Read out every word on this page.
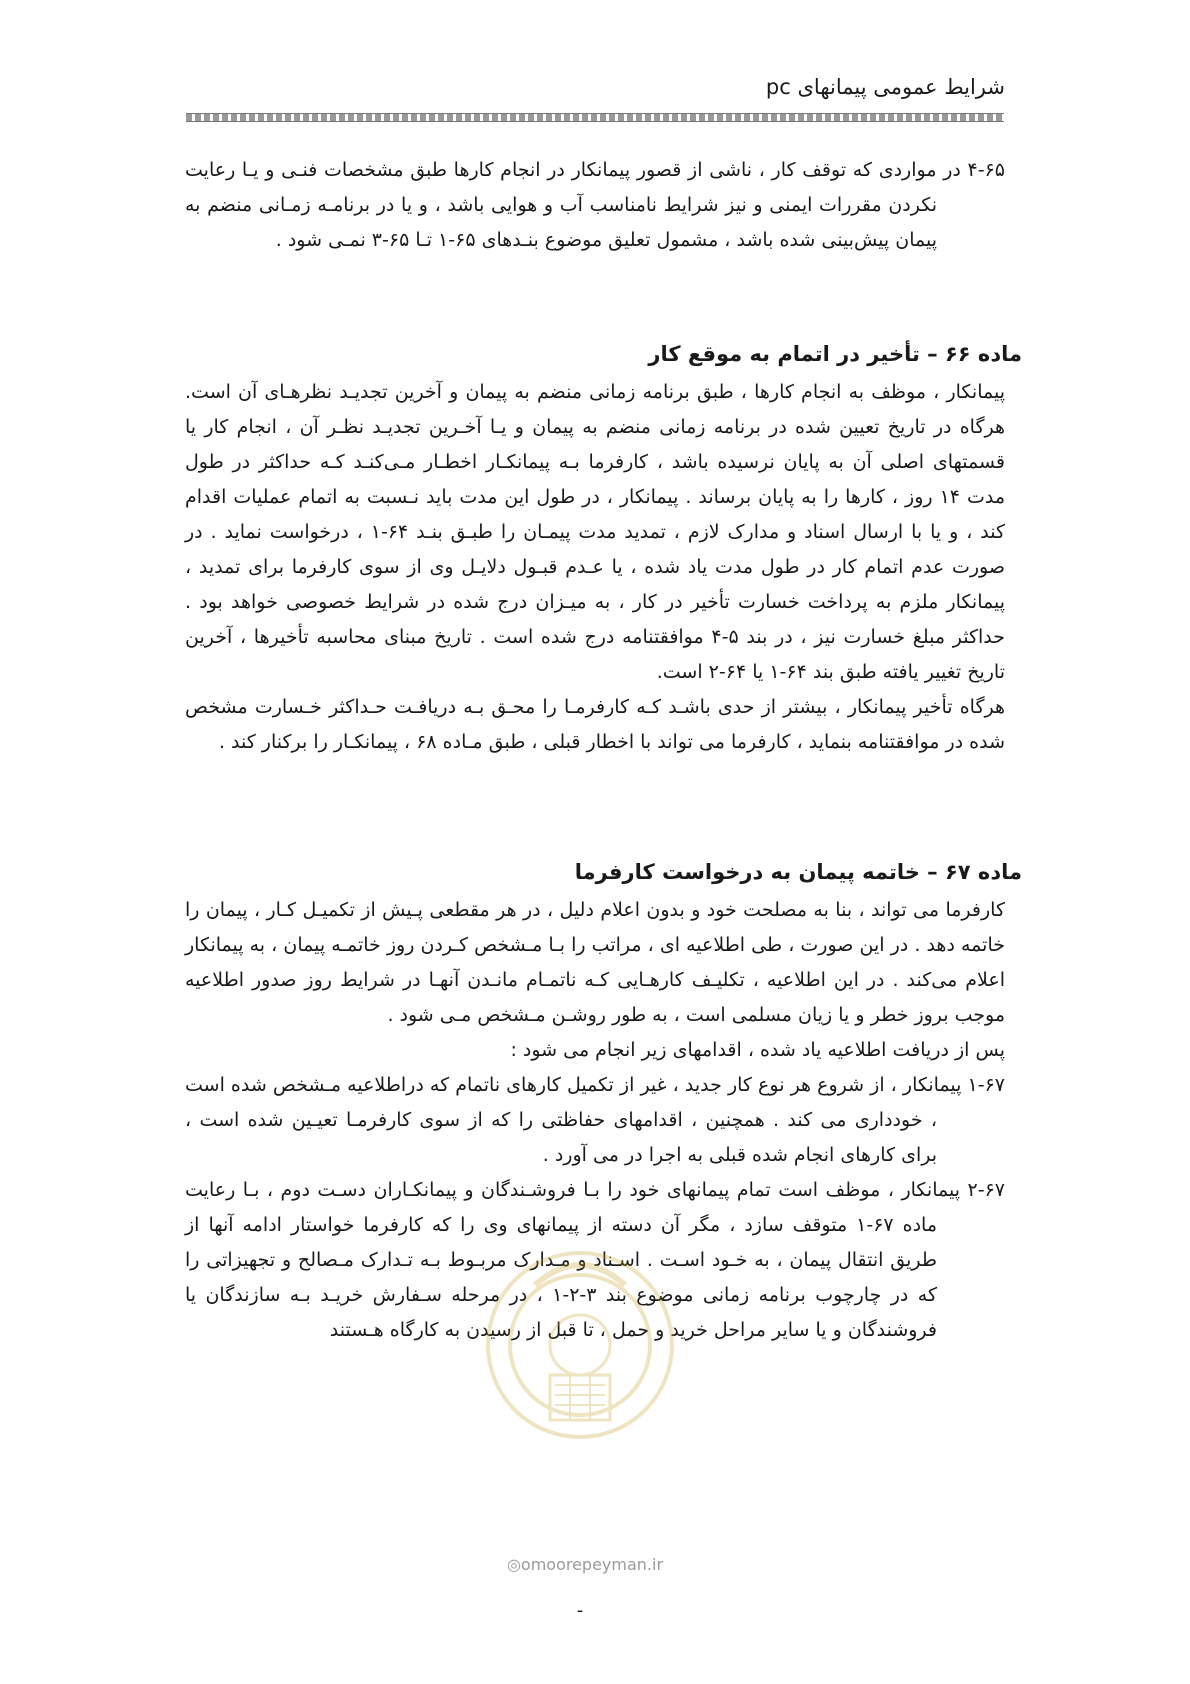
شرایط عمومی پیمانهای pc

۴-۶۵ در مواردی که توقف کار ، ناشی از قصور پیمانکار در انجام کارها طبق مشخصات فنـی و یـا رعایت نکردن مقررات ایمنی و نیز شرایط نامناسب آب و هوایی باشد ، و یا در برنامـه زمـانی منضم به پیمان پیش‌بینی شده باشد ، مشمول تعلیق موضوع بنـدهای ۶۵-۱ تـا ۶۵-۳ نمـی شود .

ماده ۶۶ – تأخیر در اتمام به موقع کار

پیمانکار ، موظف به انجام کارها ، طبق برنامه زمانی منضم به پیمان و آخرین تجدیـد نظرهـای آن است. هرگاه در تاریخ تعیین شده در برنامه زمانی منضم به پیمان و یـا آخـرین تجدیـد نظـر آن ، انجام کار یا قسمتهای اصلی آن به پایان نرسیده باشد ، کارفرما بـه پیمانکـار اخطـار مـی‌کنـد کـه حداکثر در طول مدت ۱۴ روز ، کارها را به پایان برساند . پیمانکار ، در طول این مدت باید نـسبت به اتمام عملیات اقدام کند ، و یا با ارسال اسناد و مدارک لازم ، تمدید مدت پیمـان را طبـق بنـد ۶۴-۱ ، درخواست نماید . در صورت عدم اتمام کار در طول مدت یاد شده ، یا عـدم قبـول دلایـل وی از سوی کارفرما برای تمدید ، پیمانکار ملزم به پرداخت خسارت تأخیر در کار ، به میـزان درج شده در شرایط خصوصی خواهد بود . حداکثر مبلغ خسارت نیز ، در بند ۵-۴ موافقتنامه درج شده است . تاریخ مبنای محاسبه تأخیرها ، آخرین تاریخ تغییر یافته طبق بند ۶۴-۱ یا ۶۴-۲ است.

هرگاه تأخیر پیمانکار ، بیشتر از حدی باشـد کـه کارفرمـا را محـق بـه دریافـت حـداکثر خـسارت مشخص شده در موافقتنامه بنماید ، کارفرما می تواند با اخطار قبلی ، طبق مـاده ۶۸ ، پیمانکـار را برکنار کند .

ماده ۶۷ – خاتمه پیمان به درخواست کارفرما

کارفرما می تواند ، بنا به مصلحت خود و بدون اعلام دلیل ، در هر مقطعی پـیش از تکمیـل کـار ، پیمان را خاتمه دهد . در این صورت ، طی اطلاعیه ای ، مراتب را بـا مـشخص کـردن روز خاتمـه پیمان ، به پیمانکار اعلام می‌کند . در این اطلاعیه ، تکلیـف کارهـایی کـه ناتمـام مانـدن آنهـا در شرایط روز صدور اطلاعیه موجب بروز خطر و یا زیان مسلمی است ، به طور روشـن مـشخص مـی شود .

پس از دریافت اطلاعیه یاد شده ، اقدامهای زیر انجام می شود :

۱-۶۷ پیمانکار ، از شروع هر نوع کار جدید ، غیر از تکمیل کارهای ناتمام که دراطلاعیه مـشخص شده است ، خودداری می کند . همچنین ، اقدامهای حفاظتی را که از سوی کارفرمـا تعیـین شده است ، برای کارهای انجام شده قبلی به اجرا در می آورد .

۲-۶۷ پیمانکار ، موظف است تمام پیمانهای خود را بـا فروشـندگان و پیمانکـاران دسـت دوم ، بـا رعایت ماده ۶۷-۱ متوقف سازد ، مگر آن دسته از پیمانهای وی را که کارفرما خواستار ادامه آنها از طریق انتقال پیمان ، به خـود اسـت . اسـناد و مـدارک مربـوط بـه تـدارک مـصالح و تجهیزاتی را که در چارچوب برنامه زمانی موضوع بند ۳-۲-۱ ، در مرحله سـفارش خریـد بـه سازندگان یا فروشندگان و یا سایر مراحل خرید و حمل ، تا قبل از رسیدن به کارگاه هـستند

◎omoorepeyman.ir
-
